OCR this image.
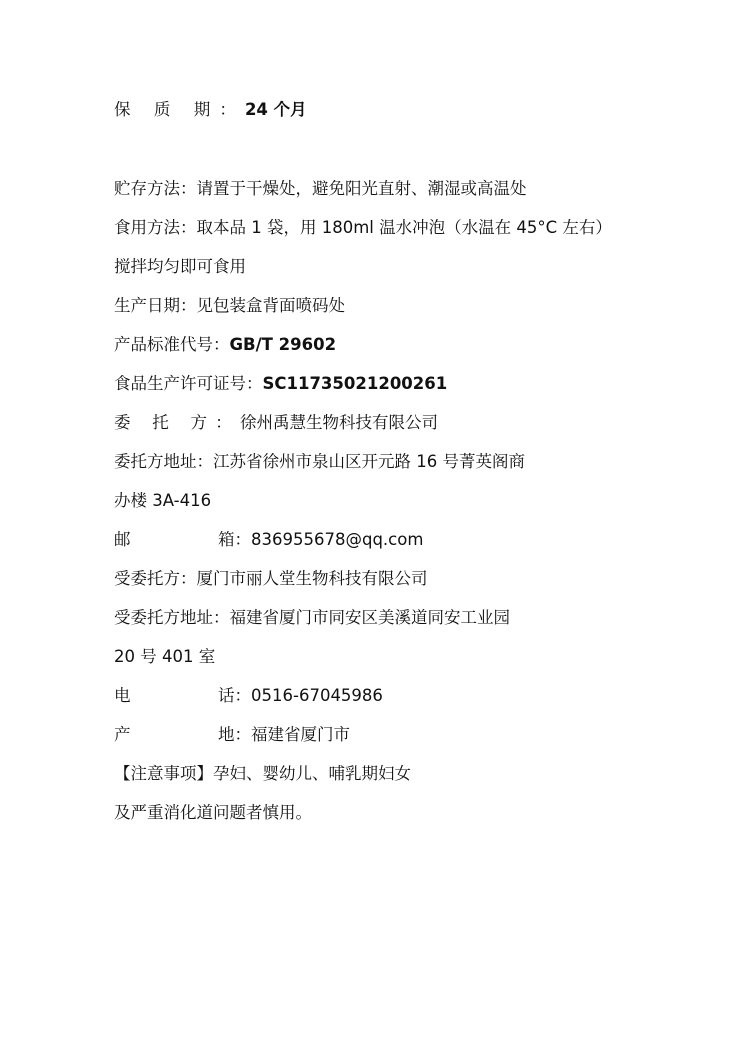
保 质 期：24 个月
贮存方法：请置于干燥处，避免阳光直射、潮湿或高温处
食用方法：取本品 1 袋，用 180ml 温水冲泡（水温在 45°C 左右）
搅拌均匀即可食用
生产日期：见包装盒背面喷码处
产品标准代号：GB/T 29602
食品生产许可证号：SC11735021200261
委 托 方：徐州禹慧生物科技有限公司
委托方地址：江苏省徐州市泉山区开元路 16 号菁英阁商
办楼 3A-416
邮	箱：836955678@qq.com
受委托方：厦门市丽人堂生物科技有限公司
受委托方地址：福建省厦门市同安区美溪道同安工业园
20 号 401 室
电	话：0516-67045986
产	地：福建省厦门市
【注意事项】孕妇、婴幼儿、哺乳期妇女
及严重消化道问题者慎用。
